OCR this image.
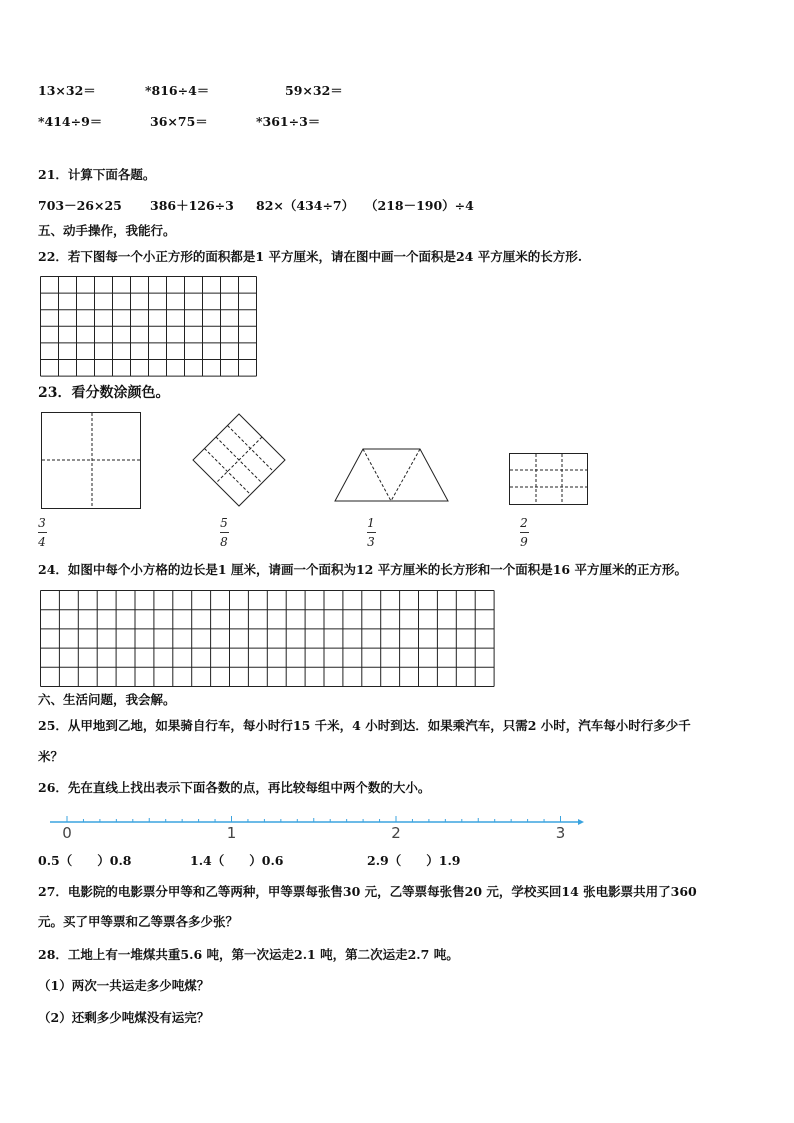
13×32＝	*816÷4＝	59×32＝
*414÷9＝	36×75＝	*361÷3＝
21．计算下面各题。
703－26×25 386＋126÷3 82×（434÷7） （218－190）÷4
五、动手操作，我能行。
22．若下图每一个小正方形的面积都是1 平方厘米，请在图中画一个面积是24 平方厘米的长方形.
23．看分数涂颜色。
3
4
5
8
1
3
2
9
24．如图中每个小方格的边长是1 厘米，请画一个面积为12 平方厘米的长方形和一个面积是16 平方厘米的正方形。
六、生活问题，我会解。
25．从甲地到乙地，如果骑自行车，每小时行15 千米，4 小时到达．如果乘汽车，只需2 小时，汽车每小时行多少千
米？
26．先在直线上找出表示下面各数的点，再比较每组中两个数的大小。
0	1	2	3
0.5（　　）0.8	1.4（　　）0.6	2.9（　　）1.9
27．电影院的电影票分甲等和乙等两种，甲等票每张售30 元，乙等票每张售20 元，学校买回14 张电影票共用了360
元。买了甲等票和乙等票各多少张？
28．工地上有一堆煤共重5.6 吨，第一次运走2.1 吨，第二次运走2.7 吨。
（1）两次一共运走多少吨煤？
（2）还剩多少吨煤没有运完？
